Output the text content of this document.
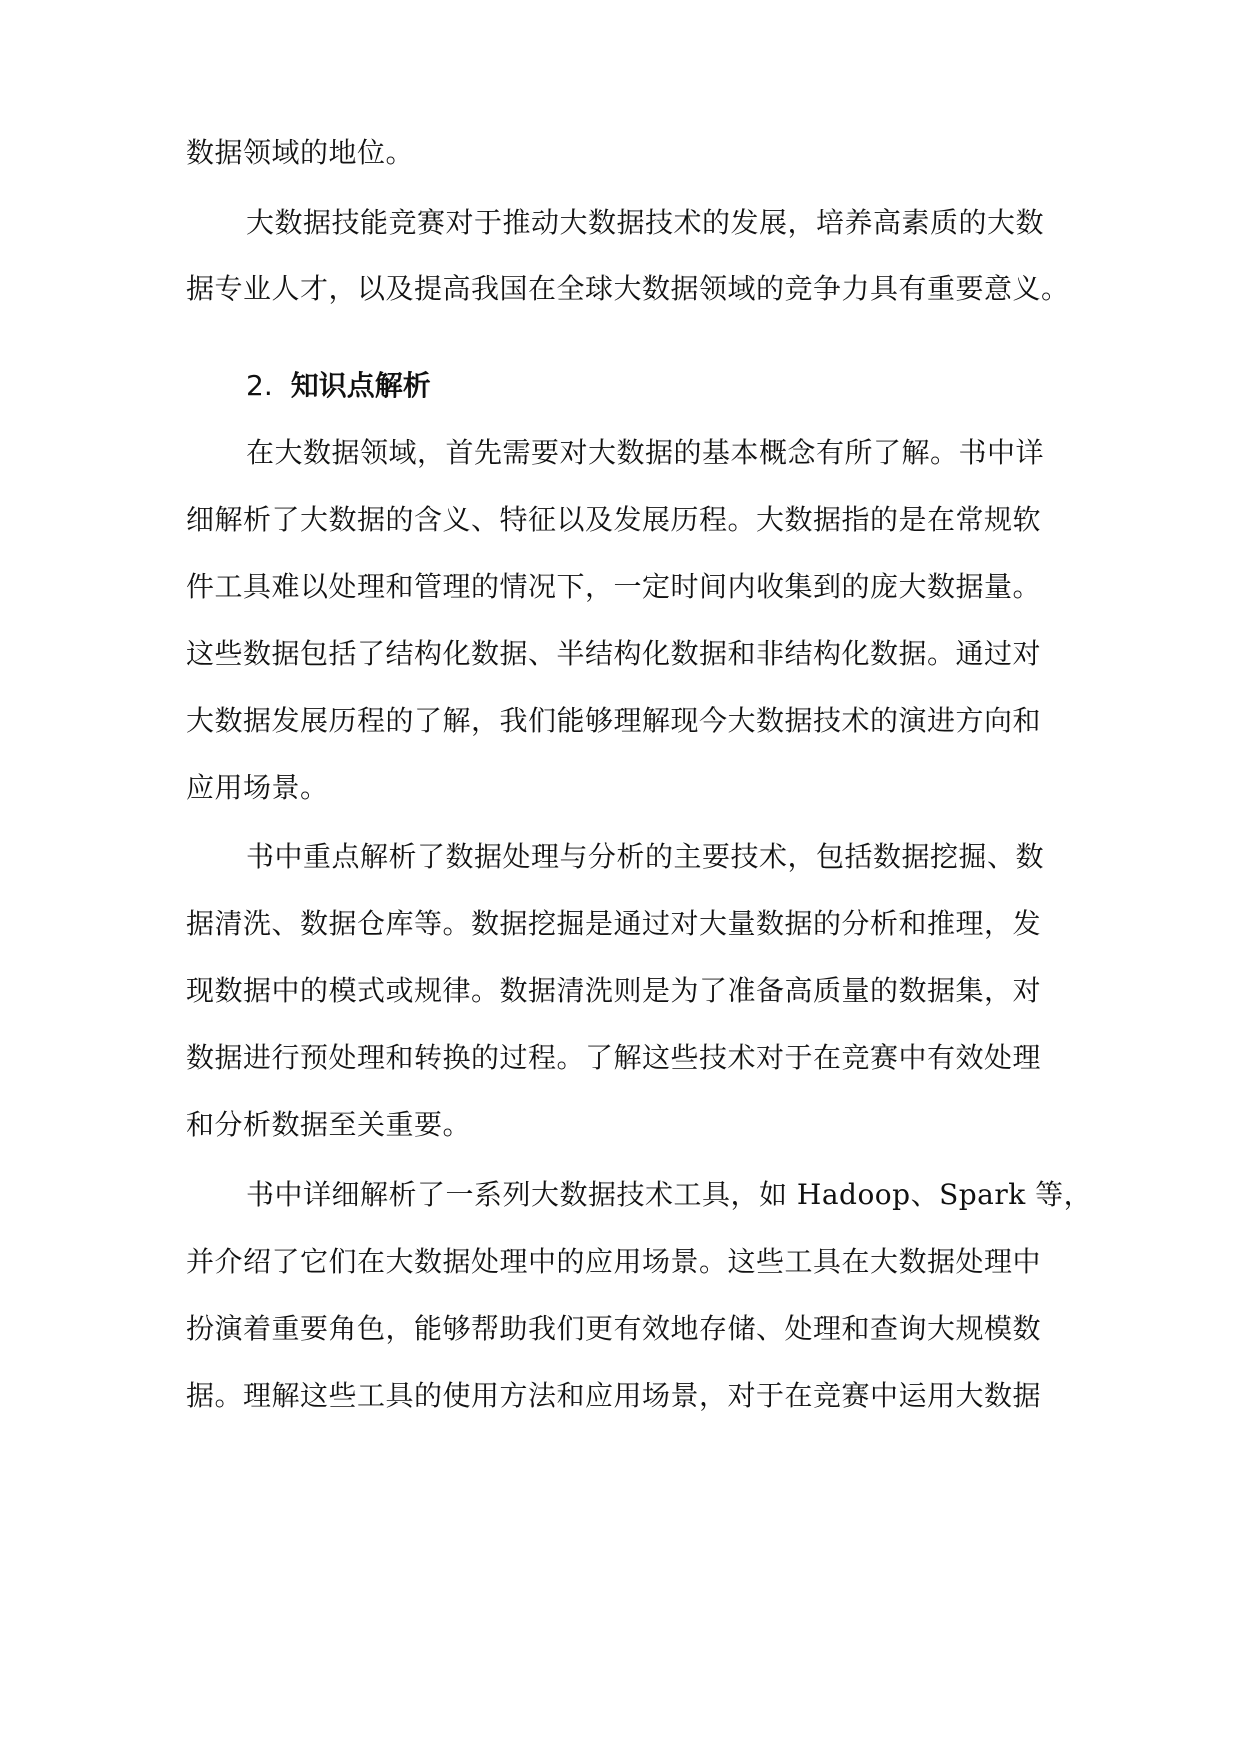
数据领域的地位。
大数据技能竞赛对于推动大数据技术的发展，培养高素质的大数
据专业人才，以及提高我国在全球大数据领域的竞争力具有重要意义。
2. 知识点解析
在大数据领域，首先需要对大数据的基本概念有所了解。书中详
细解析了大数据的含义、特征以及发展历程。大数据指的是在常规软
件工具难以处理和管理的情况下，一定时间内收集到的庞大数据量。
这些数据包括了结构化数据、半结构化数据和非结构化数据。通过对
大数据发展历程的了解，我们能够理解现今大数据技术的演进方向和
应用场景。
书中重点解析了数据处理与分析的主要技术，包括数据挖掘、数
据清洗、数据仓库等。数据挖掘是通过对大量数据的分析和推理，发
现数据中的模式或规律。数据清洗则是为了准备高质量的数据集，对
数据进行预处理和转换的过程。了解这些技术对于在竞赛中有效处理
和分析数据至关重要。
书中详细解析了一系列大数据技术工具，如 Hadoop、Spark 等，
并介绍了它们在大数据处理中的应用场景。这些工具在大数据处理中
扮演着重要角色，能够帮助我们更有效地存储、处理和查询大规模数
据。理解这些工具的使用方法和应用场景，对于在竞赛中运用大数据
